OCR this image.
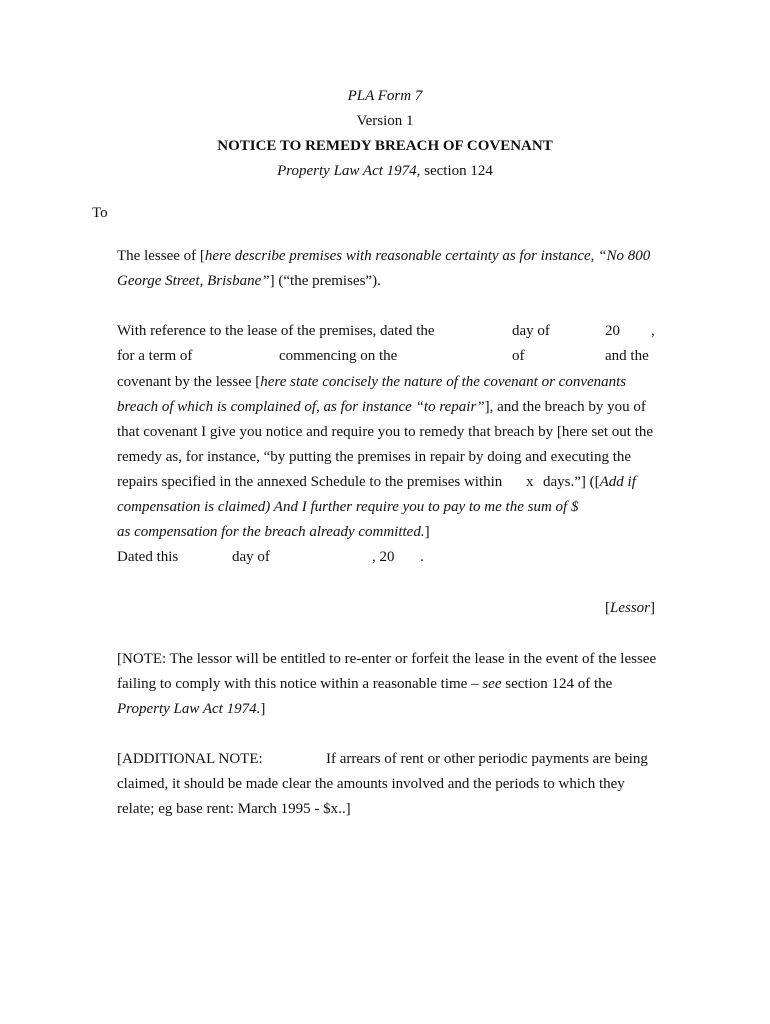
PLA Form 7
Version 1
NOTICE TO REMEDY BREACH OF COVENANT
Property Law Act 1974, section 124
To
The lessee of [here describe premises with reasonable certainty as for instance, “No 800
George Street, Brisbane”] (“the premises”).
With reference to the lease of the premises, dated the	day of	20 ,
for a term of	commencing on the	of	and the
covenant by the lessee [here state concisely the nature of the covenant or convenants
breach of which is complained of, as for instance “to repair”], and the breach by you of
that covenant I give you notice and require you to remedy that breach by [here set out the
remedy as, for instance, “by putting the premises in repair by doing and executing the
repairs specified in the annexed Schedule to the premises within x days.”] ([Add if
compensation is claimed) And I further require you to pay to me the sum of $
as compensation for the breach already committed.]
Dated this	day of	, 20 .
[Lessor]
[NOTE: The lessor will be entitled to re-enter or forfeit the lease in the event of the lessee
failing to comply with this notice within a reasonable time – see section 124 of the
Property Law Act 1974.]
[ADDITIONAL NOTE:	If arrears of rent or other periodic payments are being
claimed, it should be made clear the amounts involved and the periods to which they
relate; eg base rent: March 1995 - $x..]
